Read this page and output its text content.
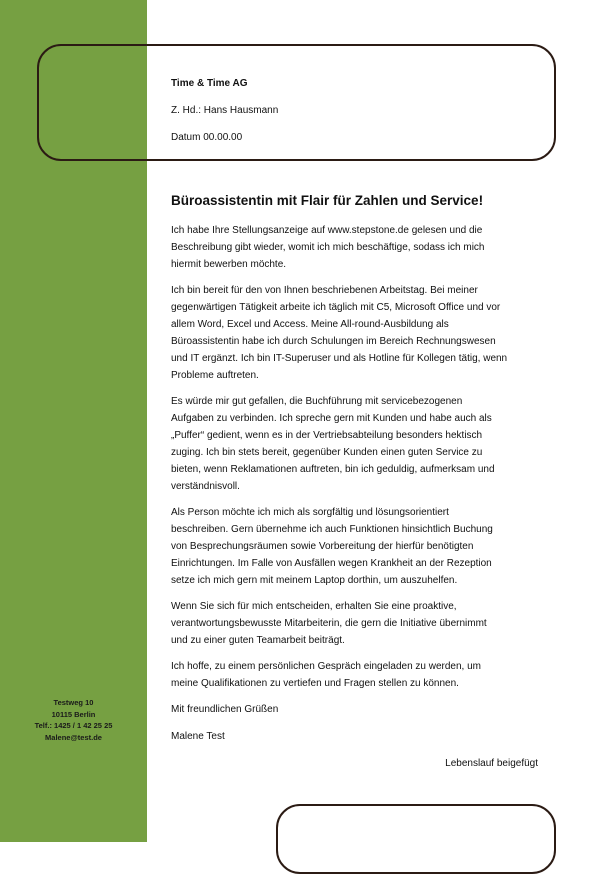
Testweg 10
10115 Berlin
Telf.: 1425 / 1 42 25 25
Malene@test.de
Time & Time AG
Z. Hd.: Hans Hausmann
Datum 00.00.00
Büroassistentin mit Flair für Zahlen und Service!

Ich habe Ihre Stellungsanzeige auf www.stepstone.de gelesen und die
Beschreibung gibt wieder, womit ich mich beschäftige, sodass ich mich
hiermit bewerben möchte.

Ich bin bereit für den von Ihnen beschriebenen Arbeitstag. Bei meiner
gegenwärtigen Tätigkeit arbeite ich täglich mit C5, Microsoft Office und vor
allem Word, Excel und Access. Meine All-round-Ausbildung als
Büroassistentin habe ich durch Schulungen im Bereich Rechnungswesen
und IT ergänzt. Ich bin IT-Superuser und als Hotline für Kollegen tätig, wenn
Probleme auftreten.

Es würde mir gut gefallen, die Buchführung mit servicebezogenen
Aufgaben zu verbinden. Ich spreche gern mit Kunden und habe auch als
„Puffer“ gedient, wenn es in der Vertriebsabteilung besonders hektisch
zuging. Ich bin stets bereit, gegenüber Kunden einen guten Service zu
bieten, wenn Reklamationen auftreten, bin ich geduldig, aufmerksam und
verständnisvoll.

Als Person möchte ich mich als sorgfältig und lösungsorientiert
beschreiben. Gern übernehme ich auch Funktionen hinsichtlich Buchung
von Besprechungsräumen sowie Vorbereitung der hierfür benötigten
Einrichtungen. Im Falle von Ausfällen wegen Krankheit an der Rezeption
setze ich mich gern mit meinem Laptop dorthin, um auszuhelfen.

Wenn Sie sich für mich entscheiden, erhalten Sie eine proaktive,
verantwortungsbewusste Mitarbeiterin, die gern die Initiative übernimmt
und zu einer guten Teamarbeit beiträgt.

Ich hoffe, zu einem persönlichen Gespräch eingeladen zu werden, um
meine Qualifikationen zu vertiefen und Fragen stellen zu können.

Mit freundlichen Grüßen
Malene Test
Lebenslauf beigefügt
